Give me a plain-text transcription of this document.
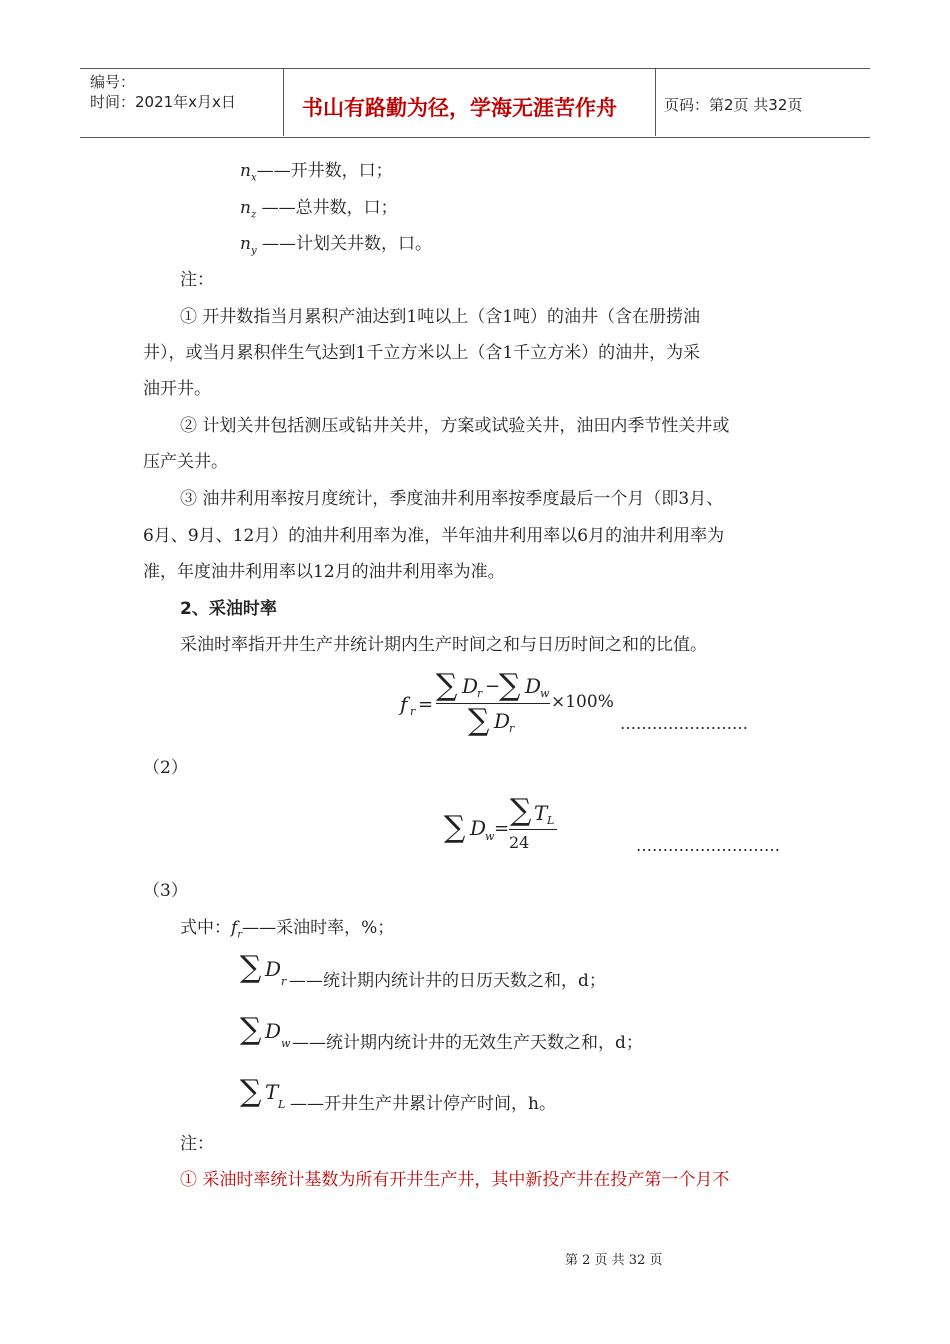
编号：
时间：2021年x月x日	书山有路勤为径，学海无涯苦作舟	页码：第2页 共32页
$n_x——$开井数，口；
$n_z$ ——总井数，口；
$n_y$ ——计划关井数，口。
注：
① 开井数指当月累积产油达到1吨以上（含1吨）的油井（含在册捞油
井），或当月累积伴生气达到1千立方米以上（含1千立方米）的油井，为采
油开井。
② 计划关井包括测压或钻井关井，方案或试验关井，油田内季节性关井或
压产关井。
③ 油井利用率按月度统计，季度油井利用率按季度最后一个月（即3月、
6月、9月、12月）的油井利用率为准，半年油井利用率以6月的油井利用率为
准，年度油井利用率以12月的油井利用率为准。
2、采油时率
采油时率指开井生产井统计期内生产时间之和与日历时间之和的比值。
f r =
∑ D
r −
∑ D
w
∑ D
r
×100%
……………………
（2）
∑ D
w =
∑ T L
24	………………………
（3）
式中：$f_r——$采油时率，%；
∑ D
r ——统计期内统计井的日历天数之和，d；
∑ D
w ——统计期内统计井的无效生产天数之和，d；
∑ T
L ——开井生产井累计停产时间，h。
注：
① 采油时率统计基数为所有开井生产井，其中新投产井在投产第一个月不
第 2 页 共 32 页
